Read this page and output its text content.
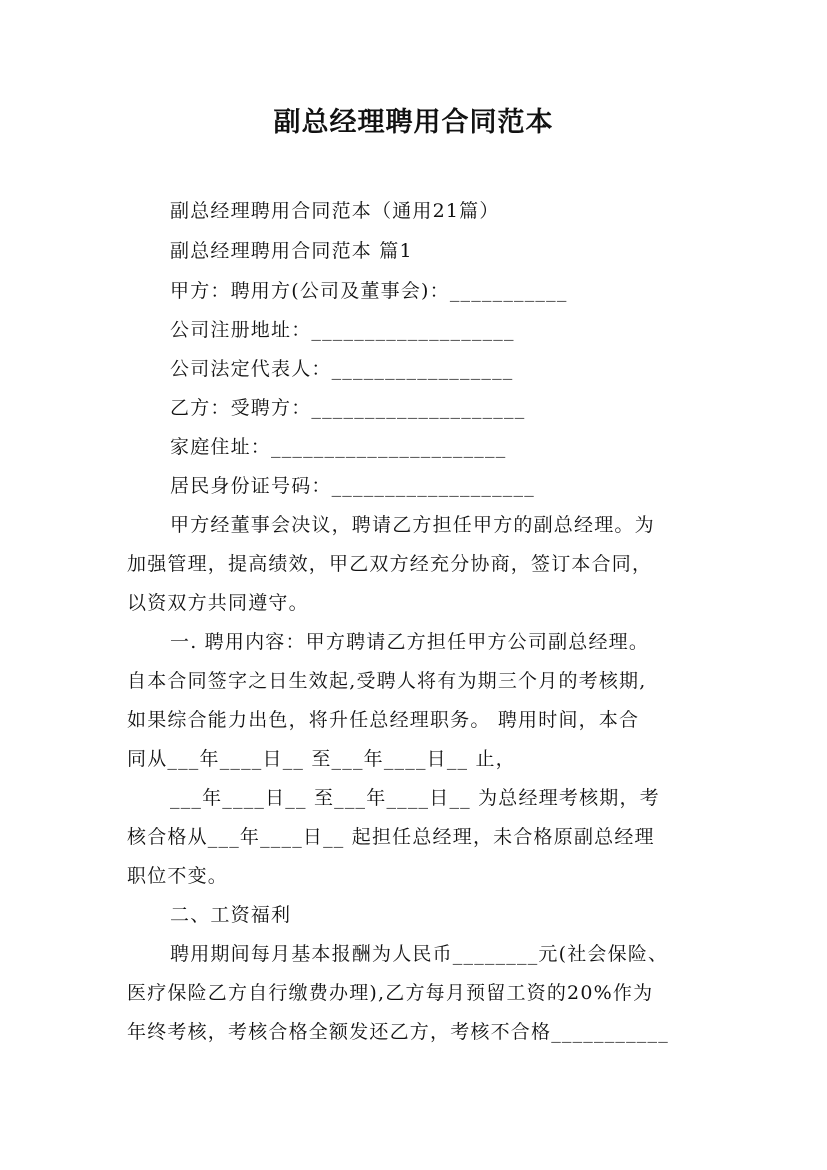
副总经理聘用合同范本
副总经理聘用合同范本（通用21篇）
副总经理聘用合同范本 篇1
甲方：聘用方(公司及董事会)：___________
公司注册地址：___________________
公司法定代表人：_________________
乙方：受聘方：____________________
家庭住址：______________________
居民身份证号码：___________________
甲方经董事会决议，聘请乙方担任甲方的副总经理。为
加强管理，提高绩效，甲乙双方经充分协商，签订本合同，
以资双方共同遵守。
一. 聘用内容：甲方聘请乙方担任甲方公司副总经理。
自本合同签字之日生效起,受聘人将有为期三个月的考核期,
如果综合能力出色，将升任总经理职务。 聘用时间，本合
同从___年____日__ 至___年____日__ 止，
___年____日__ 至___年____日__ 为总经理考核期，考
核合格从___年____日__ 起担任总经理，未合格原副总经理
职位不变。
二、工资福利
聘用期间每月基本报酬为人民币________元(社会保险、
医疗保险乙方自行缴费办理),乙方每月预留工资的20%作为
年终考核，考核合格全额发还乙方，考核不合格___________
